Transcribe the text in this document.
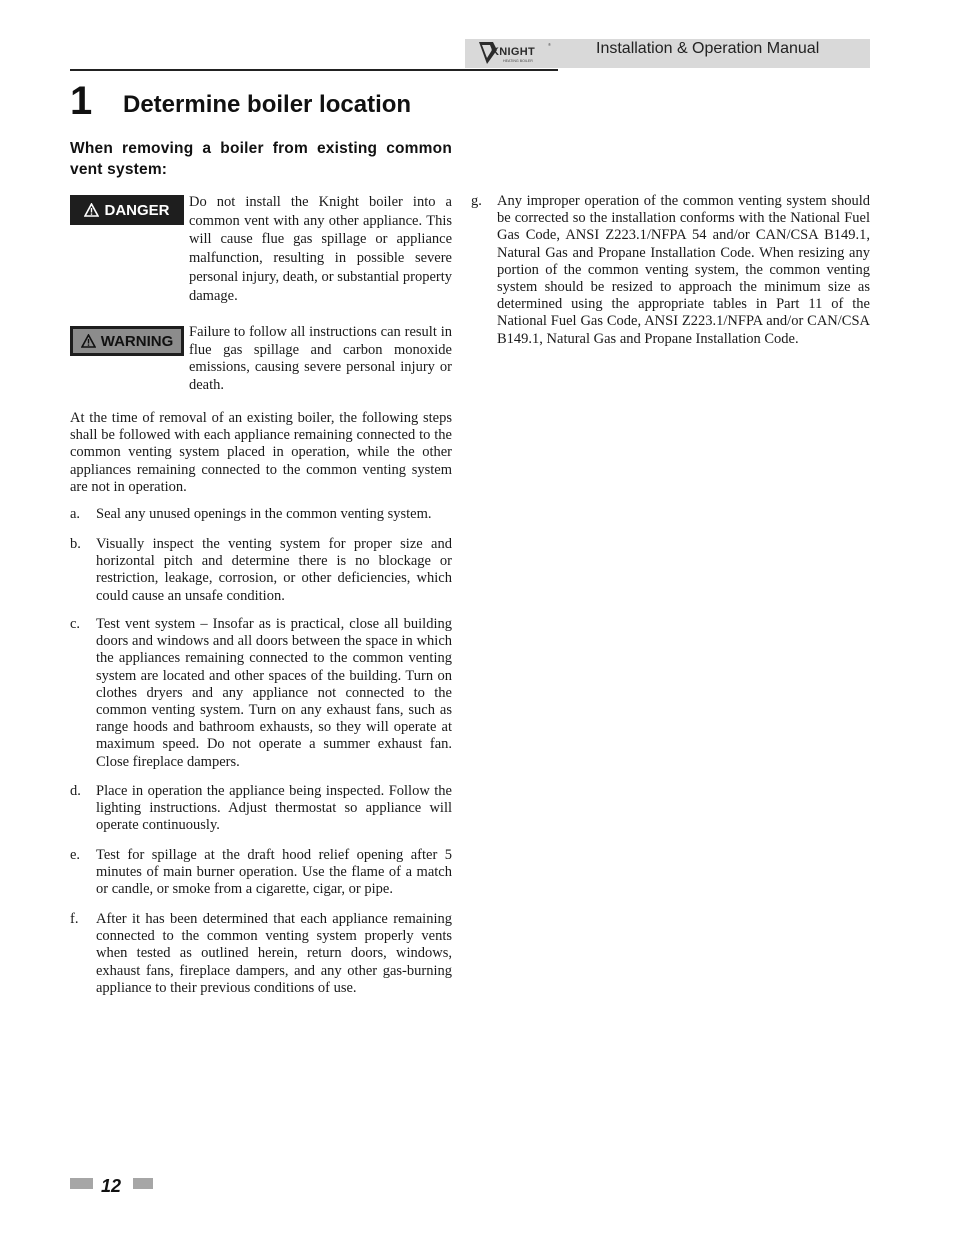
KNIGHT
HEATING BOILER
®	Installation & Operation Manual
1 Determine boiler location
When removing a boiler from existing common vent system:
DANGER Do not install the Knight boiler into a common vent with any other appliance. This will cause flue gas spillage or appliance malfunction, resulting in possible severe personal injury, death, or substantial property damage.
WARNING
Failure to follow all instructions can result in flue gas spillage and carbon monoxide emissions, causing severe personal injury or death.
At the time of removal of an existing boiler, the following steps shall be followed with each appliance remaining connected to the common venting system placed in operation, while the other appliances remaining connected to the common venting system are not in operation.
a. Seal any unused openings in the common venting system.
b. Visually inspect the venting system for proper size and horizontal pitch and determine there is no blockage or restriction, leakage, corrosion, or other deficiencies, which could cause an unsafe condition.
c. Test vent system – Insofar as is practical, close all building doors and windows and all doors between the space in which the appliances remaining connected to the common venting system are located and other spaces of the building. Turn on clothes dryers and any appliance not connected to the common venting system. Turn on any exhaust fans, such as range hoods and bathroom exhausts, so they will operate at maximum speed. Do not operate a summer exhaust fan. Close fireplace dampers.
d. Place in operation the appliance being inspected. Follow the lighting instructions. Adjust thermostat so appliance will operate continuously.
e. Test for spillage at the draft hood relief opening after 5 minutes of main burner operation. Use the flame of a match or candle, or smoke from a cigarette, cigar, or pipe.
f. After it has been determined that each appliance remaining connected to the common venting system properly vents when tested as outlined herein, return doors, windows, exhaust fans, fireplace dampers, and any other gas-burning appliance to their previous conditions of use.
g. Any improper operation of the common venting system should be corrected so the installation conforms with the National Fuel Gas Code, ANSI Z223.1/NFPA 54 and/or CAN/CSA B149.1, Natural Gas and Propane Installation Code. When resizing any portion of the common venting system, the common venting system should be resized to approach the minimum size as determined using the appropriate tables in Part 11 of the National Fuel Gas Code, ANSI Z223.1/NFPA and/or CAN/CSA B149.1, Natural Gas and Propane Installation Code.
12
